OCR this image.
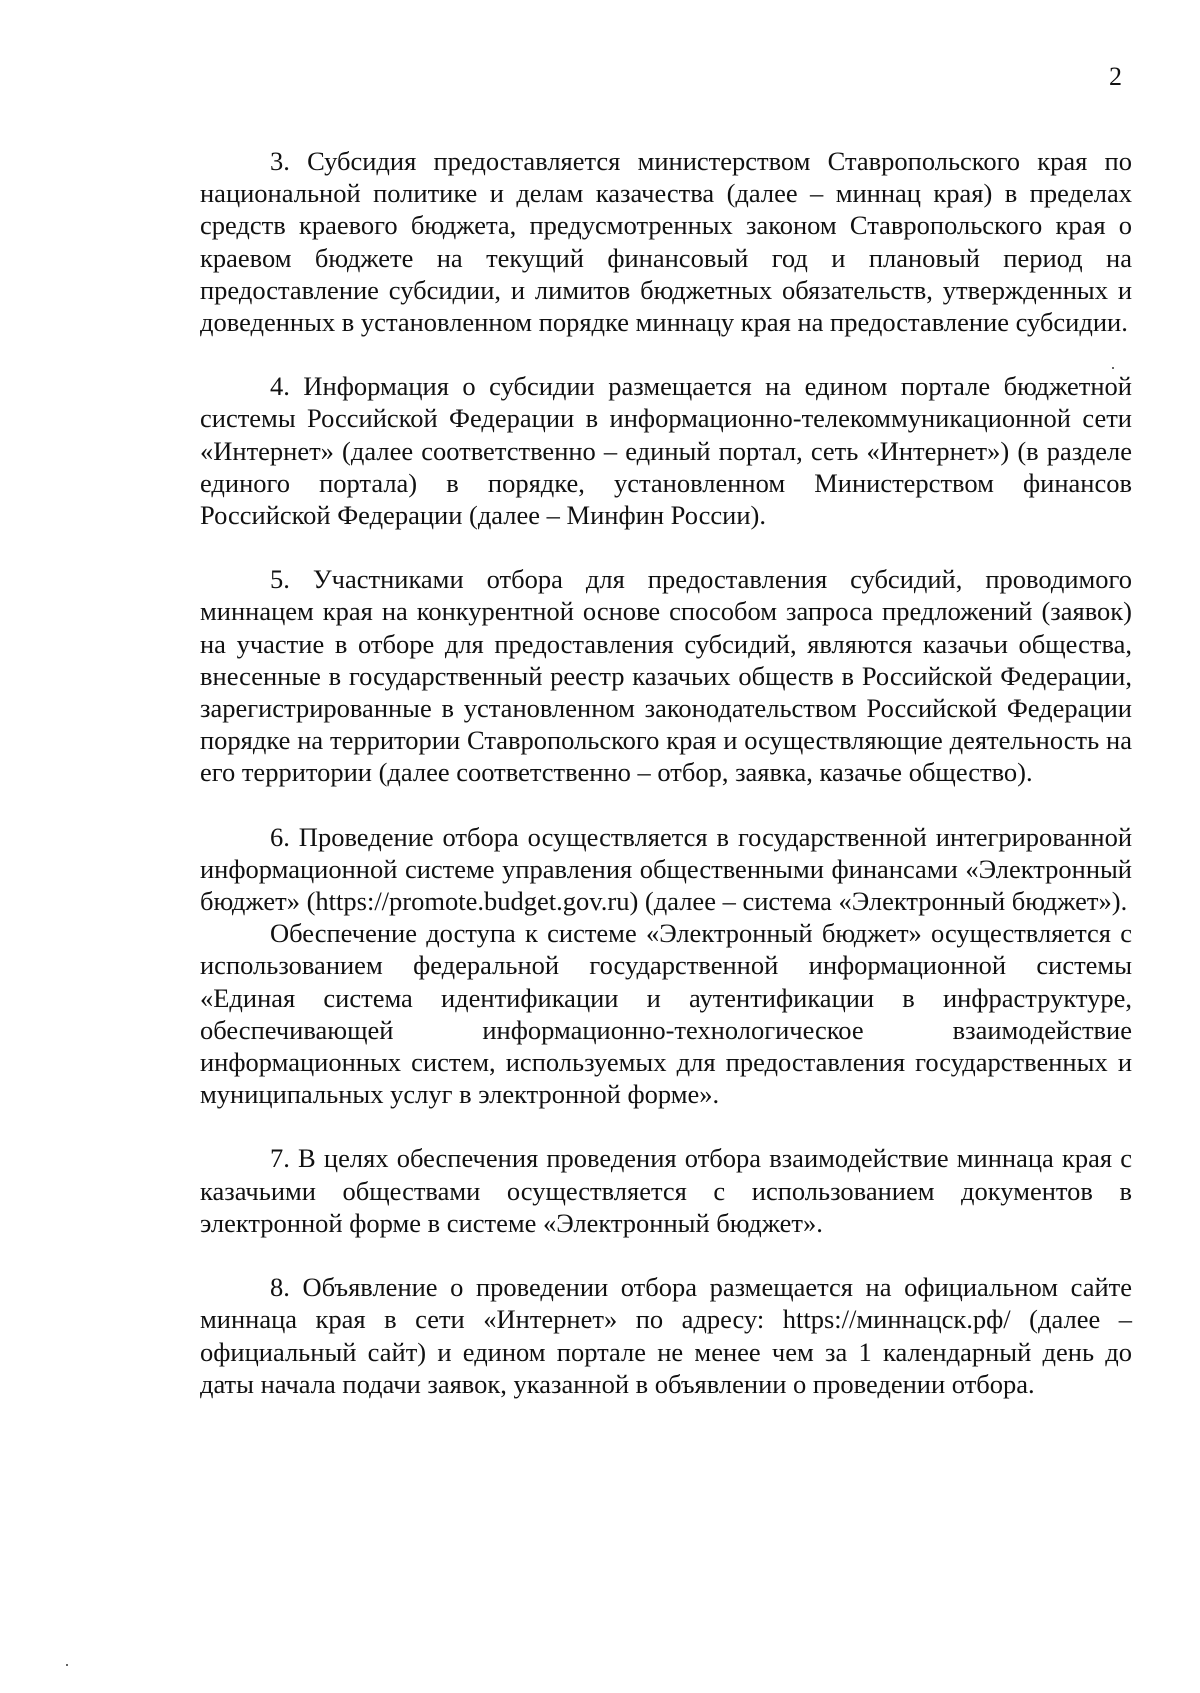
2

3. Субсидия предоставляется министерством Ставропольского края по национальной политике и делам казачества (далее – миннац края) в пределах средств краевого бюджета, предусмотренных законом Ставропольского края о краевом бюджете на текущий финансовый год и плановый период на предоставление субсидии, и лимитов бюджетных обязательств, утвержденных и доведенных в установленном порядке миннацу края на предоставление субсидии.

4. Информация о субсидии размещается на едином портале бюджетной системы Российской Федерации в информационно-телекоммуникационной сети «Интернет» (далее соответственно – единый портал, сеть «Интернет») (в разделе единого портала) в порядке, установленном Министерством финансов Российской Федерации (далее – Минфин России).

5. Участниками отбора для предоставления субсидий, проводимого миннацем края на конкурентной основе способом запроса предложений (заявок) на участие в отборе для предоставления субсидий, являются казачьи общества, внесенные в государственный реестр казачьих обществ в Российской Федерации, зарегистрированные в установленном законодательством Российской Федерации порядке на территории Ставропольского края и осуществляющие деятельность на его территории (далее соответственно – отбор, заявка, казачье общество).

6. Проведение отбора осуществляется в государственной интегрированной информационной системе управления общественными финансами «Электронный бюджет» (https://promote.budget.gov.ru) (далее – система «Электронный бюджет»).

Обеспечение доступа к системе «Электронный бюджет» осуществляется с использованием федеральной государственной информационной системы «Единая система идентификации и аутентификации в инфраструктуре, обеспечивающей информационно-технологическое взаимодействие информационных систем, используемых для предоставления государственных и муниципальных услуг в электронной форме».

7. В целях обеспечения проведения отбора взаимодействие миннаца края с казачьими обществами осуществляется с использованием документов в электронной форме в системе «Электронный бюджет».

8. Объявление о проведении отбора размещается на официальном сайте миннаца края в сети «Интернет» по адресу: https://миннацск.рф/ (далее – официальный сайт) и едином портале не менее чем за 1 календарный день до даты начала подачи заявок, указанной в объявлении о проведении отбора.
